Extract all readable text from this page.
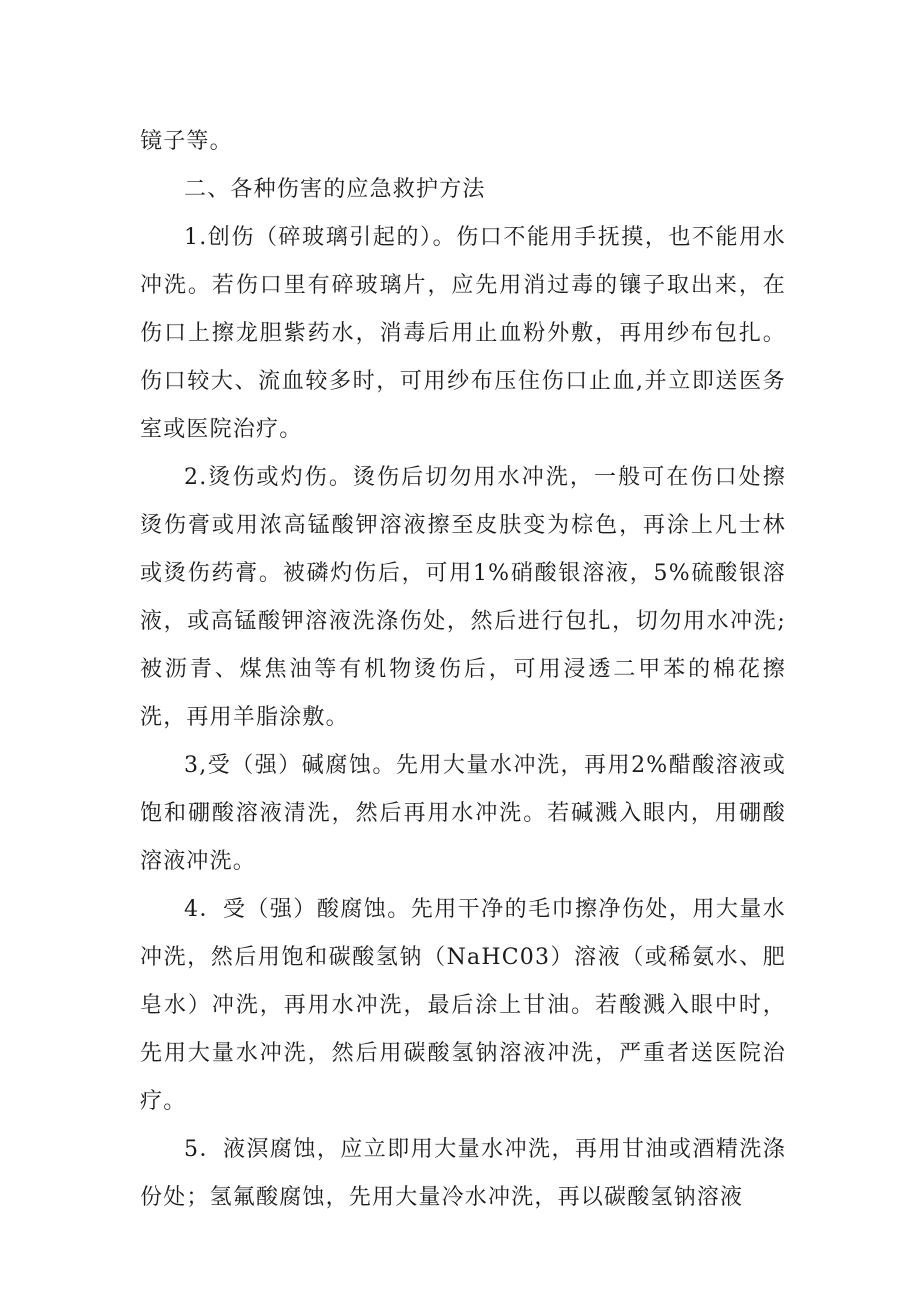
镜子等。

二、各种伤害的应急救护方法

1.创伤（碎玻璃引起的）。伤口不能用手抚摸，也不能用水冲洗。若伤口里有碎玻璃片，应先用消过毒的镶子取出来，在伤口上擦龙胆紫药水，消毒后用止血粉外敷，再用纱布包扎。伤口较大、流血较多时，可用纱布压住伤口止血,并立即送医务室或医院治疗。

2.烫伤或灼伤。烫伤后切勿用水冲洗，一般可在伤口处擦烫伤膏或用浓高锰酸钾溶液擦至皮肤变为棕色，再涂上凡士林或烫伤药膏。被磷灼伤后，可用1%硝酸银溶液，5%硫酸银溶液，或高锰酸钾溶液洗涤伤处，然后进行包扎，切勿用水冲洗;被沥青、煤焦油等有机物烫伤后，可用浸透二甲苯的棉花擦洗，再用羊脂涂敷。

3,受（强）碱腐蚀。先用大量水冲洗，再用2%醋酸溶液或饱和硼酸溶液清洗，然后再用水冲洗。若碱溅入眼内，用硼酸溶液冲洗。

4．受（强）酸腐蚀。先用干净的毛巾擦净伤处，用大量水冲洗，然后用饱和碳酸氢钠（NaHC03）溶液（或稀氨水、肥皂水）冲洗，再用水冲洗，最后涂上甘油。若酸溅入眼中时，先用大量水冲洗，然后用碳酸氢钠溶液冲洗，严重者送医院治疗。

5．液溟腐蚀，应立即用大量水冲洗，再用甘油或酒精洗涤份处；氢氟酸腐蚀，先用大量冷水冲洗，再以碳酸氢钠溶液
